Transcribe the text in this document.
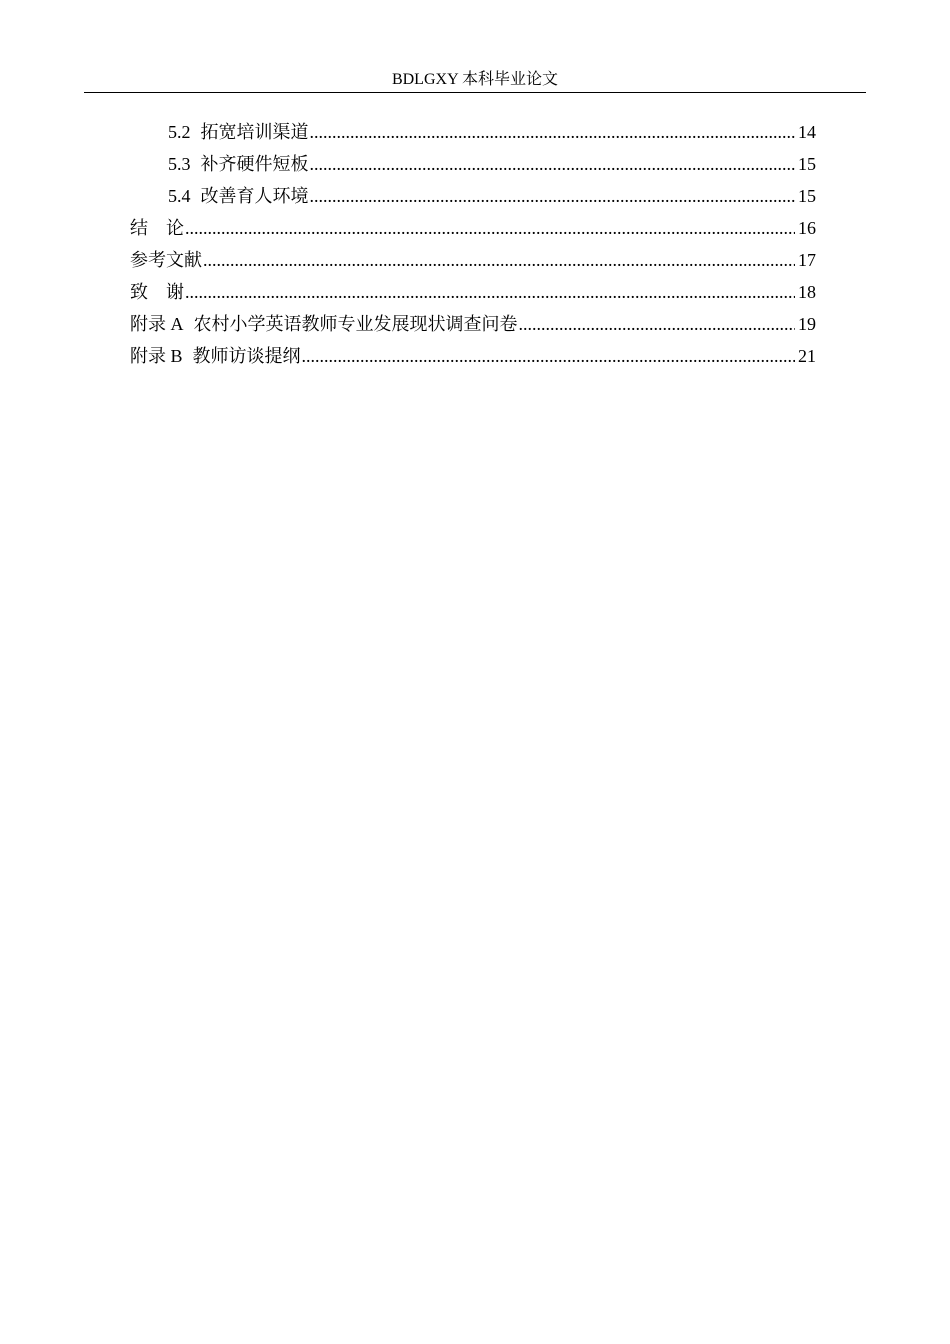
BDLGXY 本科毕业论文
5.2 拓宽培训渠道 .....	14
5.3 补齐硬件短板 .....	15
5.4 改善育人环境 .....	15
结　论 .....	16
参考文献 .....	17
致　谢 .....	18
附录 A 农村小学英语教师专业发展现状调查问卷 .....	19
附录 B 教师访谈提纲 .....	21
